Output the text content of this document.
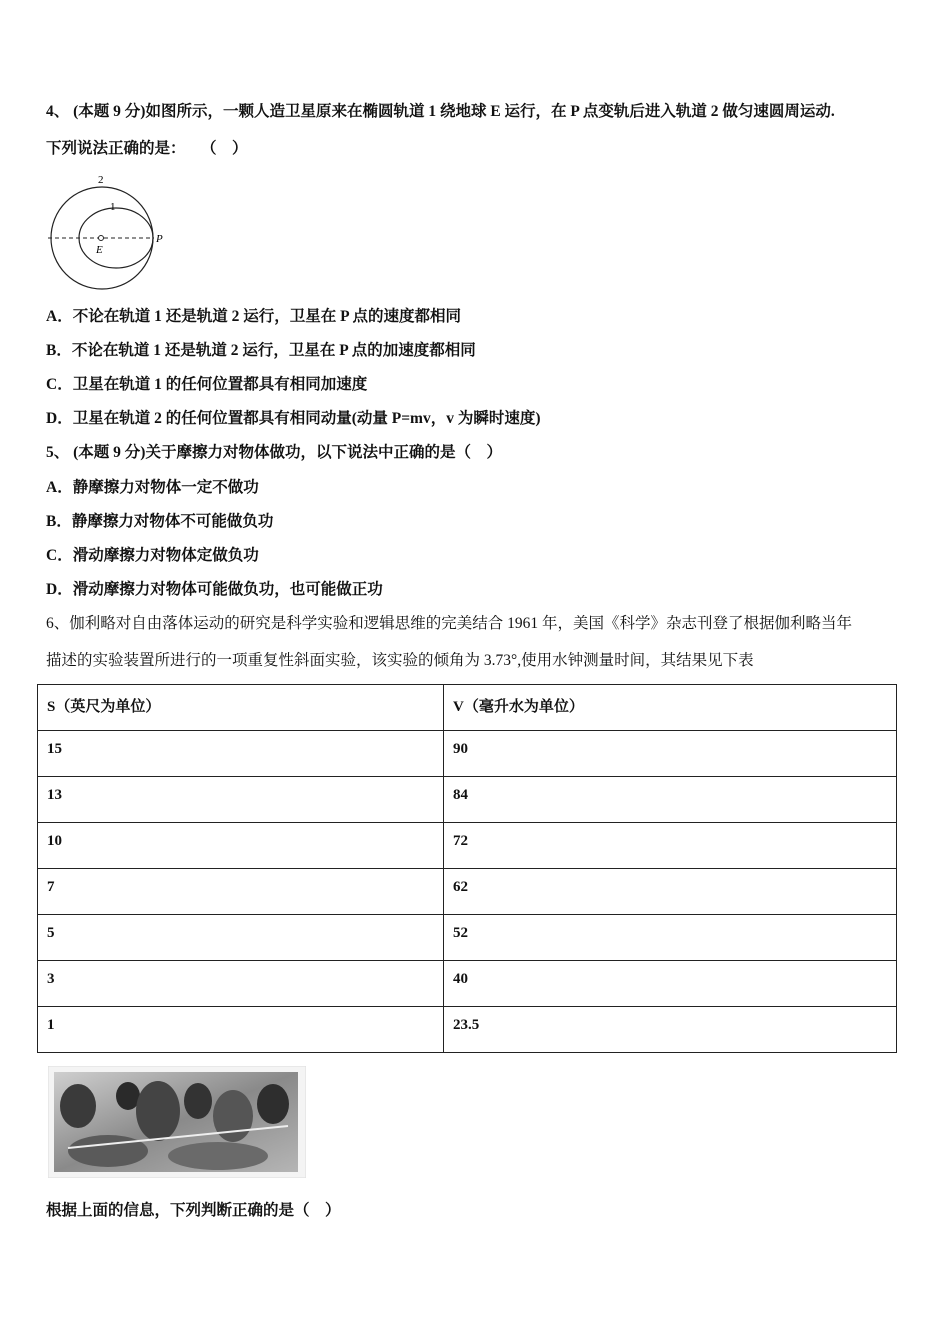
4、 (本题 9 分)如图所示，一颗人造卫星原来在椭圆轨道 1 绕地球 E 运行，在 P 点变轨后进入轨道 2 做匀速圆周运动.
下列说法正确的是：　　（　）
2
1
P
E
A．不论在轨道 1 还是轨道 2 运行，卫星在 P 点的速度都相同
B．不论在轨道 1 还是轨道 2 运行，卫星在 P 点的加速度都相同
C．卫星在轨道 1 的任何位置都具有相同加速度
D．卫星在轨道 2 的任何位置都具有相同动量(动量 P=mv，v 为瞬时速度)
5、 (本题 9 分)关于摩擦力对物体做功，以下说法中正确的是（　）
A．静摩擦力对物体一定不做功
B．静摩擦力对物体不可能做负功
C．滑动摩擦力对物体定做负功
D．滑动摩擦力对物体可能做负功，也可能做正功
6、伽利略对自由落体运动的研究是科学实验和逻辑思维的完美结合 1961 年，美国《科学》杂志刊登了根据伽利略当年
描述的实验装置所进行的一项重复性斜面实验，该实验的倾角为 3.73°,使用水钟测量时间，其结果见下表
S（英尺为单位）	V（毫升水为单位）
15	90
13	84
10	72
7	62
5	52
3	40
1	23.5
根据上面的信息，下列判断正确的是（　）
